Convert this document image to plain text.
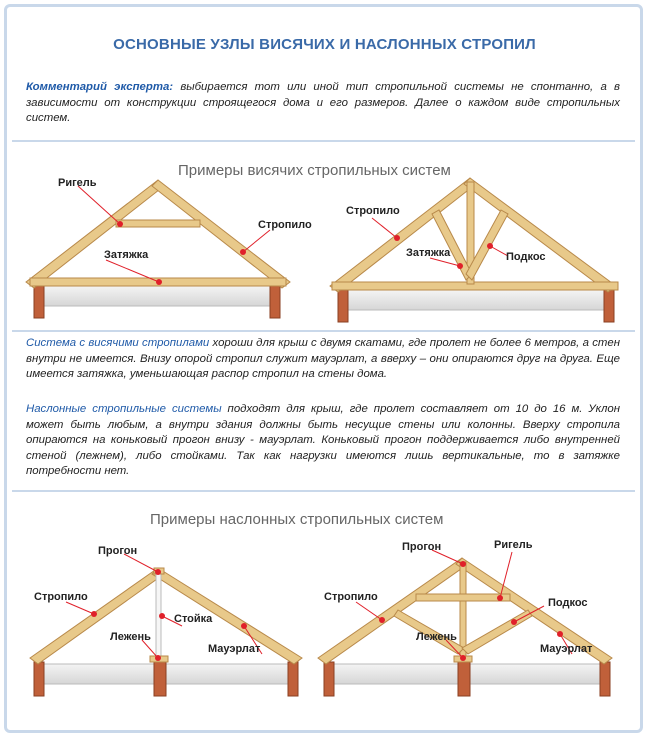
ОСНОВНЫЕ УЗЛЫ ВИСЯЧИХ И НАСЛОННЫХ СТРОПИЛ
Комментарий эксперта: выбирается тот или иной тип стропильной системы не спонтанно, а в зависимости от конструкции строящегося дома и его размеров. Далее о каждом виде стропильных систем.
Примеры висячих стропильных систем
Ригель
Затяжка
Стропило
Стропило
Затяжка	Подкос
Система с висячими стропилами хороши для крыш с двумя скатами, где пролет не более 6 метров, а стен внутри не имеется. Внизу опорой стропил служит мауэрлат, а вверху – они опираются друг на друга. Еще имеется затяжка, уменьшающая распор стропил на стены дома.
Наслонные стропильные системы подходят для крыш, где пролет составляет от 10 до 16 м. Уклон может быть любым, а внутри здания должны быть несущие стены или колонны. Вверху стропила опираются на коньковый прогон внизу - мауэрлат. Коньковый прогон поддерживается либо внутренней стеной (лежнем), либо стойками. Так как нагрузки имеются лишь вертикальные, то в затяжке потребности нет.
Примеры наслонных стропильных систем
Прогон
Стропило
Стойка
Лежень
Мауэрлат
Прогон	Ригель
Стропило	Подкос
Лежень
Мауэрлат
